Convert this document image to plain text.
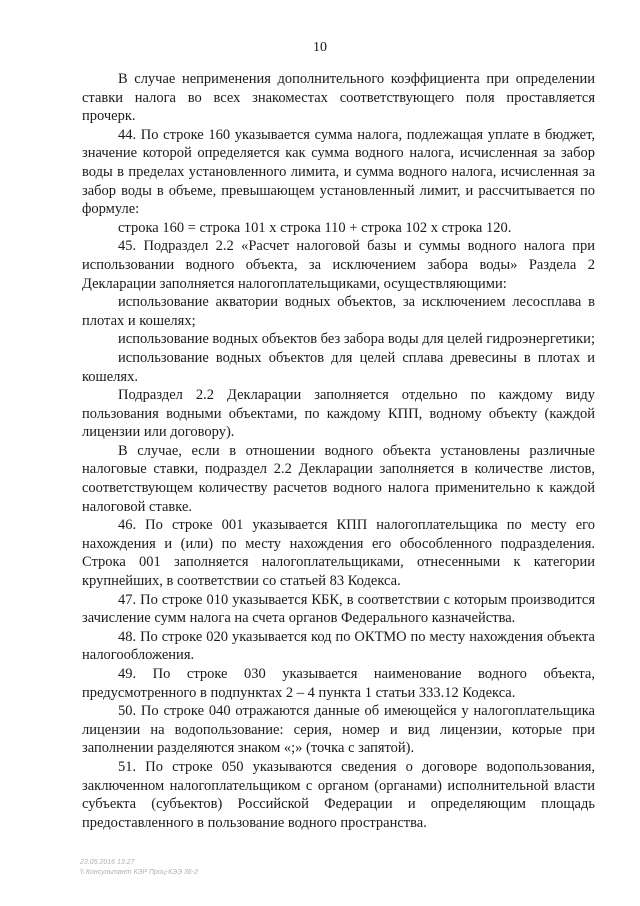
10

В случае неприменения дополнительного коэффициента при определении ставки налога во всех знакоместах соответствующего поля проставляется прочерк.

44. По строке 160 указывается сумма налога, подлежащая уплате в бюджет, значение которой определяется как сумма водного налога, исчисленная за забор воды в пределах установленного лимита, и сумма водного налога, исчисленная за забор воды в объеме, превышающем установленный лимит, и рассчитывается по формуле:

строка 160 = строка 101 x строка 110 + строка 102 x строка 120.

45. Подраздел 2.2 «Расчет налоговой базы и суммы водного налога при использовании водного объекта, за исключением забора воды» Раздела 2 Декларации заполняется налогоплательщиками, осуществляющими:

использование акватории водных объектов, за исключением лесосплава в плотах и кошелях;

использование водных объектов без забора воды для целей гидроэнергетики;

использование водных объектов для целей сплава древесины в плотах и кошелях.

Подраздел 2.2 Декларации заполняется отдельно по каждому виду пользования водными объектами, по каждому КПП, водному объекту (каждой лицензии или договору).

В случае, если в отношении водного объекта установлены различные налоговые ставки, подраздел 2.2 Декларации заполняется в количестве листов, соответствующем количеству расчетов водного налога применительно к каждой налоговой ставке.

46. По строке 001 указывается КПП налогоплательщика по месту его нахождения и (или) по месту нахождения его обособленного подразделения. Строка 001 заполняется налогоплательщиками, отнесенными к категории крупнейших, в соответствии со статьей 83 Кодекса.

47. По строке 010 указывается КБК, в соответствии с которым производится зачисление сумм налога на счета органов Федерального казначейства.

48. По строке 020 указывается код по ОКТМО по месту нахождения объекта налогообложения.

49. По строке 030 указывается наименование водного объекта, предусмотренного в подпунктах 2 – 4 пункта 1 статьи 333.12 Кодекса.

50. По строке 040 отражаются данные об имеющейся у налогоплательщика лицензии на водопользование: серия, номер и вид лицензии, которые при заполнении разделяются знаком «;» (точка с запятой).

51. По строке 050 указываются сведения о договоре водопользования, заключенном налогоплательщиком с органом (органами) исполнительной власти субъекта (субъектов) Российской Федерации и определяющим площадь предоставленного в пользование водного пространства.

23.05.2016 13:27
\\ Консультант КЭР Проц-КЭЭ 36-2
